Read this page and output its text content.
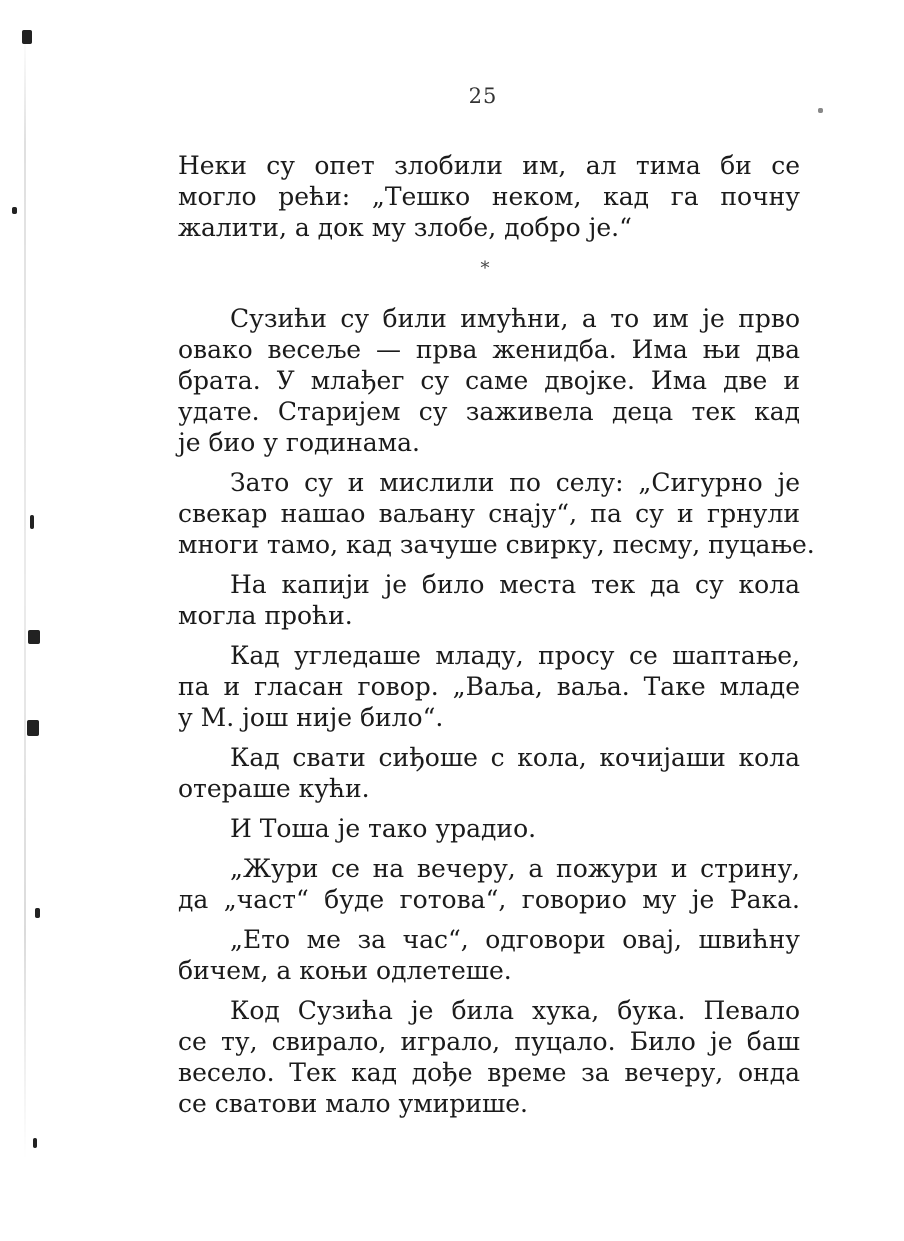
25
Неки су опет злобили им, ал тима би се
могло рећи: „Тешко неком, кад га почну
жалити, а док му злобе, добро је.“
*
Сузићи су били имућни, а то им је прво
овако весеље — прва женидба. Има њи два
брата. У млађег су саме двојке. Има две и
удате. Старијем су заживела деца тек кад
је био у годинама.
Зато су и мислили по селу: „Сигурно је
свекар нашао ваљану снају“, па су и грнули
многи тамо, кад зачуше свирку, песму, пуцање.
На капији је било места тек да су кола
могла проћи.
Кад угледаше младу, просу се шаптање,
па и гласан говор. „Ваља, ваља. Таке младе
у М. још није било“.
Кад свати сиђоше с кола, кочијаши кола
отераше кући.
И Тоша је тако урадио.
„Жури се на вечеру, а пожури и стрину,
да „част“ буде готова“, говорио му је Рака.
„Ето ме за час“, одговори овај, швићну
бичем, а коњи одлетеше.
Код Сузића је била хука, бука. Певало
се ту, свирало, играло, пуцало. Било је баш
весело. Тек кад дође време за вечеру, онда
се сватови мало умирише.
